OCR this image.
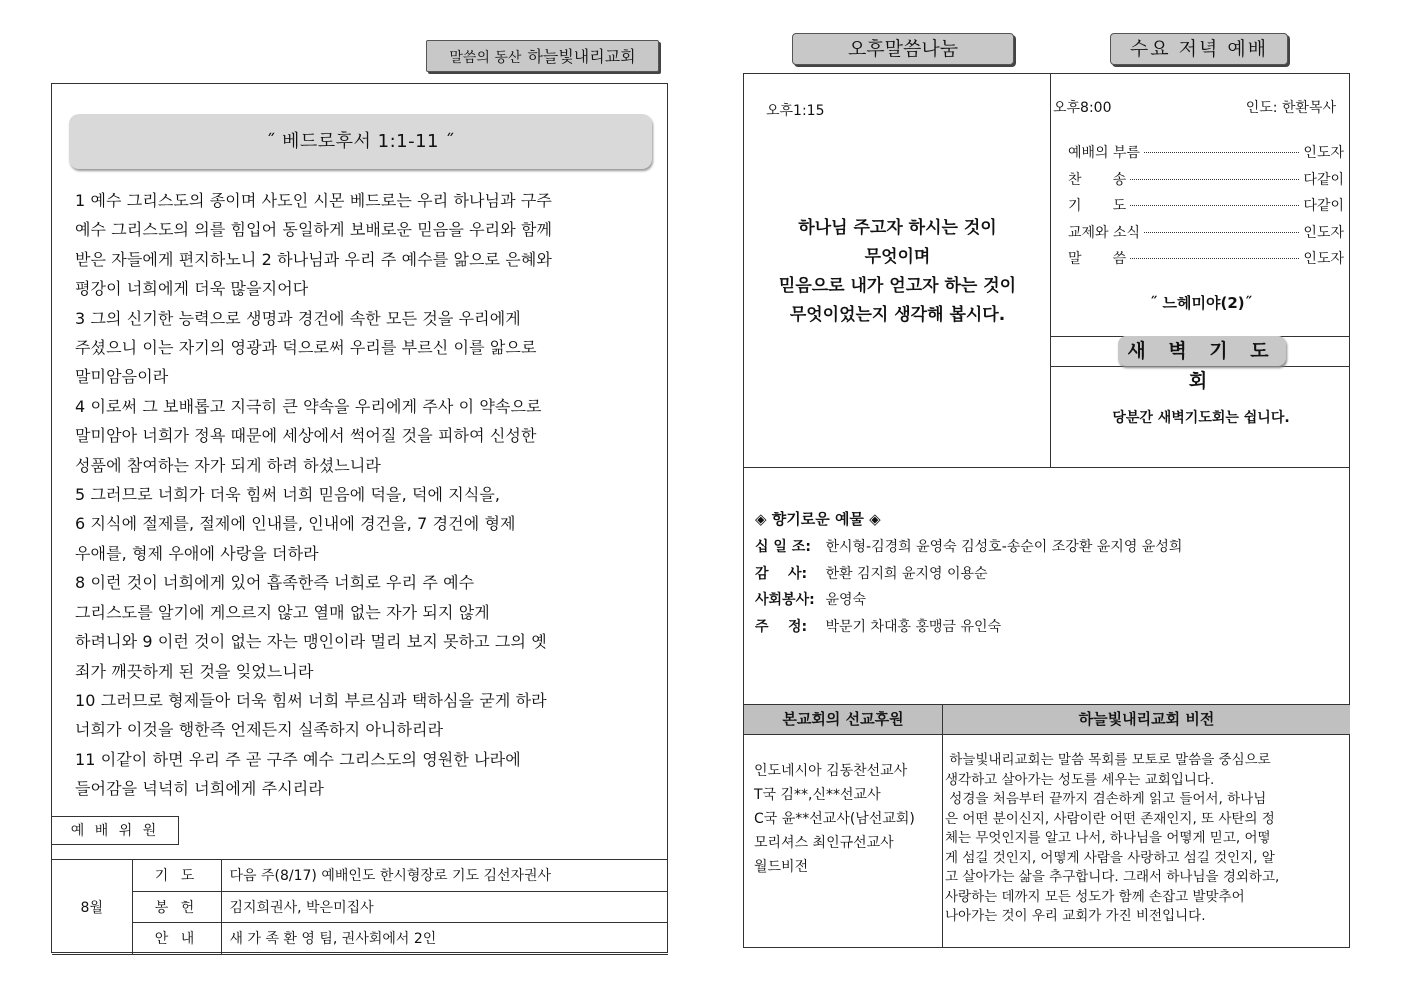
말씀의 동산 하늘빛내리교회	오후말씀나눔	수요 저녁 예배
˝ 베드로후서 1:1-11 ˝
1 예수 그리스도의 종이며 사도인 시몬 베드로는 우리 하나님과 구주
예수 그리스도의 의를 힘입어 동일하게 보배로운 믿음을 우리와 함께
받은 자들에게 편지하노니 2 하나님과 우리 주 예수를 앎으로 은혜와
평강이 너희에게 더욱 많을지어다
3 그의 신기한 능력으로 생명과 경건에 속한 모든 것을 우리에게
주셨으니 이는 자기의 영광과 덕으로써 우리를 부르신 이를 앎으로
말미암음이라
4 이로써 그 보배롭고 지극히 큰 약속을 우리에게 주사 이 약속으로
말미암아 너희가 정욕 때문에 세상에서 썩어질 것을 피하여 신성한
성품에 참여하는 자가 되게 하려 하셨느니라
5 그러므로 너희가 더욱 힘써 너희 믿음에 덕을, 덕에 지식을,
6 지식에 절제를, 절제에 인내를, 인내에 경건을, 7 경건에 형제
우애를, 형제 우애에 사랑을 더하라
8 이런 것이 너희에게 있어 흡족한즉 너희로 우리 주 예수
그리스도를 알기에 게으르지 않고 열매 없는 자가 되지 않게
하려니와 9 이런 것이 없는 자는 맹인이라 멀리 보지 못하고 그의 옛
죄가 깨끗하게 된 것을 잊었느니라
10 그러므로 형제들아 더욱 힘써 너희 부르심과 택하심을 굳게 하라
너희가 이것을 행한즉 언제든지 실족하지 아니하리라
11 이같이 하면 우리 주 곧 구주 예수 그리스도의 영원한 나라에
들어감을 넉넉히 너희에게 주시리라
예 배 위 원
8월	기 도	다음 주(8/17) 예배인도 한시형장로 기도 김선자권사
	봉 헌	김지희권사, 박은미집사
	안 내	새 가 족 환 영 팀, 권사회에서 2인
오후1:15
하나님 주고자 하시는 것이
무엇이며
믿음으로 내가 얻고자 하는 것이
무엇이었는지 생각해 봅시다.
오후8:00	인도: 한환목사
예배의 부름	인도자
찬       송	다같이
기       도	다같이
교제와 소식	인도자
말       씀	인도자
˝ 느헤미야(2)˝
새 벽 기 도 회
당분간 새벽기도회는 쉽니다.
◈ 향기로운 예물 ◈
십 일 조: 한시형-김경희 윤영숙 김성호-송순이 조강환 윤지영 윤성희
감    사: 한환 김지희 윤지영 이용순
사회봉사: 윤영숙
주    정: 박문기 차대홍 홍맹금 유인숙
본교회의 선교후원	하늘빛내리교회 비전
인도네시아 김동찬선교사
T국 김**,신**선교사
C국 윤**선교사(남선교회)
모리셔스 최인규선교사
월드비전
하늘빛내리교회는 말씀 목회를 모토로 말씀을 중심으로
생각하고 살아가는 성도를 세우는 교회입니다.
성경을 처음부터 끝까지 겸손하게 읽고 들어서, 하나님
은 어떤 분이신지, 사람이란 어떤 존재인지, 또 사탄의 정
체는 무엇인지를 알고 나서, 하나님을 어떻게 믿고, 어떻
게 섬길 것인지, 어떻게 사람을 사랑하고 섬길 것인지, 알
고 살아가는 삶을 추구합니다. 그래서 하나님을 경외하고,
사랑하는 데까지 모든 성도가 함께 손잡고 발맞추어
나아가는 것이 우리 교회가 가진 비전입니다.
